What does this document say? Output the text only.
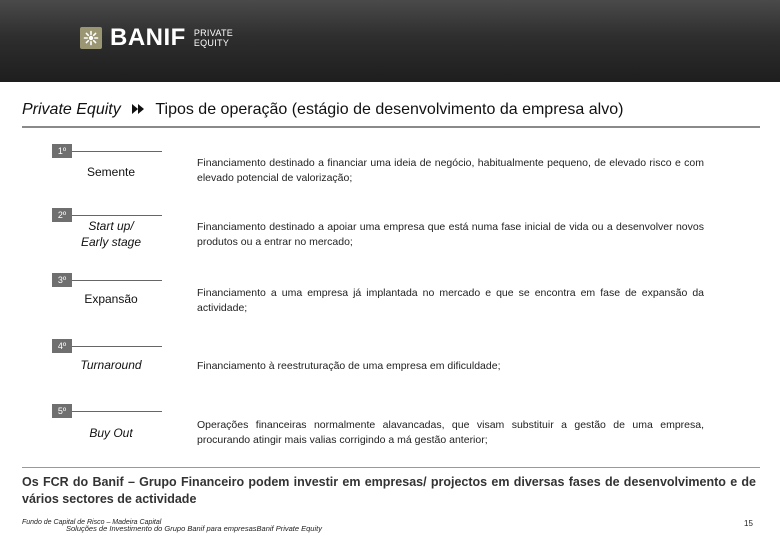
BANIF PRIVATE
EQUITY
Private Equity Tipos de operação (estágio de desenvolvimento da empresa alvo)
1º
Semente
Financiamento destinado a financiar uma ideia de negócio, habitualmente pequeno, de elevado risco e com elevado potencial de valorização;
2º
Start up/
Early stage
Financiamento destinado a apoiar uma empresa que está numa fase inicial de vida ou a desenvolver novos produtos ou a entrar no mercado;
3º
Expansão	Financiamento a uma empresa já implantada no mercado e que se encontra em fase de expansão da actividade;
4º
Turnaround	Financiamento à reestruturação de uma empresa em dificuldade;
5º
Buy Out
Operações financeiras normalmente alavancadas, que visam substituir a gestão de uma empresa, procurando atingir mais valias corrigindo a má gestão anterior;
Os FCR do Banif – Grupo Financeiro podem investir em empresas/ projectos em diversas fases de desenvolvimento e de vários sectores de actividade
Fundo de Capital de Risco – Madeira Capital
Soluções de Investimento do Grupo Banif para empresasBanif Private Equity
15
